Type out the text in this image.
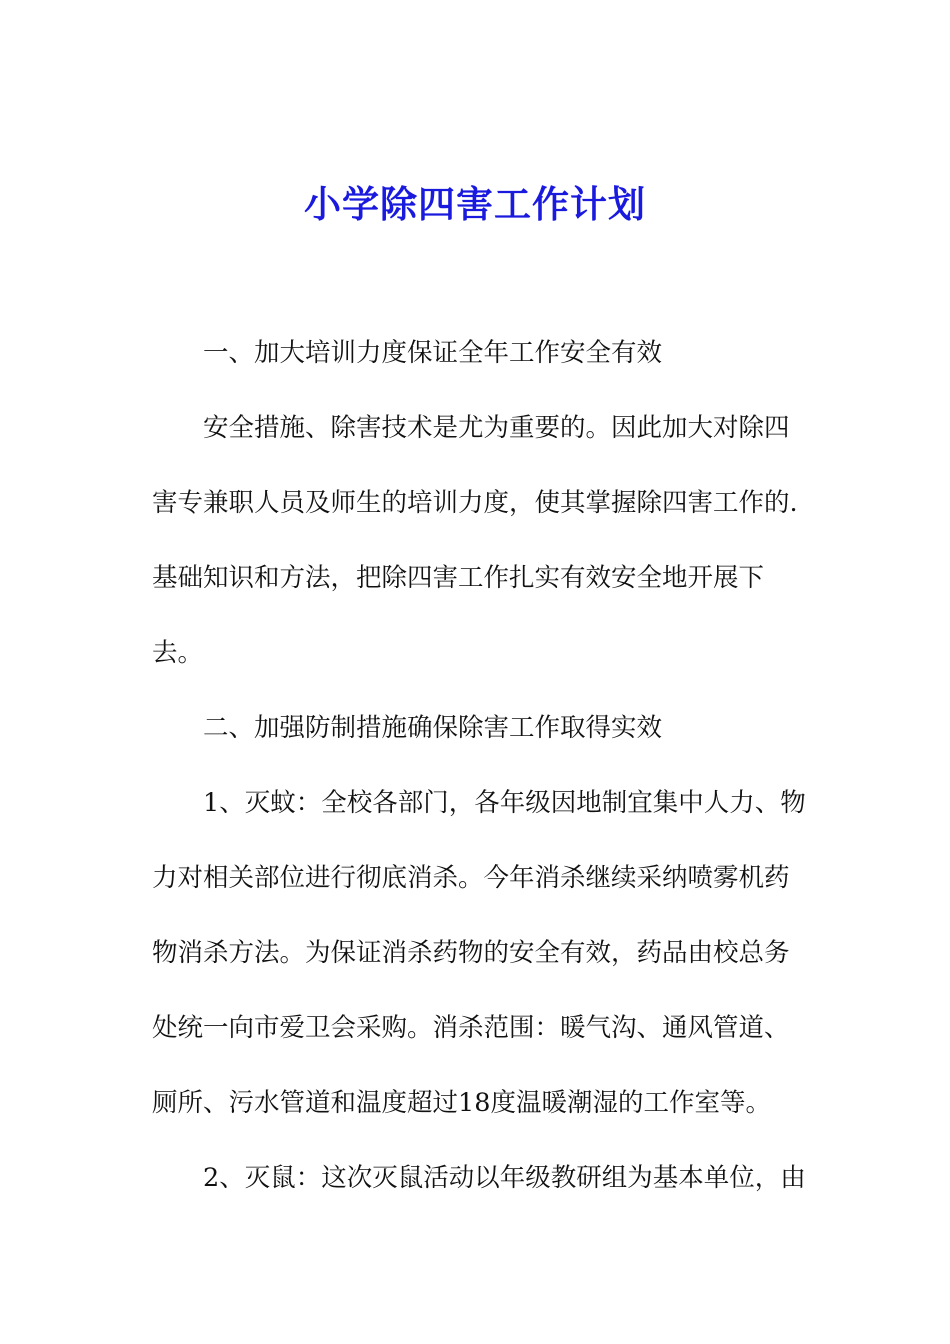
小学除四害工作计划

一、加大培训力度保证全年工作安全有效

安全措施、除害技术是尤为重要的。因此加大对除四

害专兼职人员及师生的培训力度，使其掌握除四害工作的.

基础知识和方法，把除四害工作扎实有效安全地开展下

去。

二、加强防制措施确保除害工作取得实效

1、灭蚊：全校各部门，各年级因地制宜集中人力、物

力对相关部位进行彻底消杀。今年消杀继续采纳喷雾机药

物消杀方法。为保证消杀药物的安全有效，药品由校总务

处统一向市爱卫会采购。消杀范围：暖气沟、通风管道、

厕所、污水管道和温度超过18度温暖潮湿的工作室等。

2、灭鼠：这次灭鼠活动以年级教研组为基本单位，由
